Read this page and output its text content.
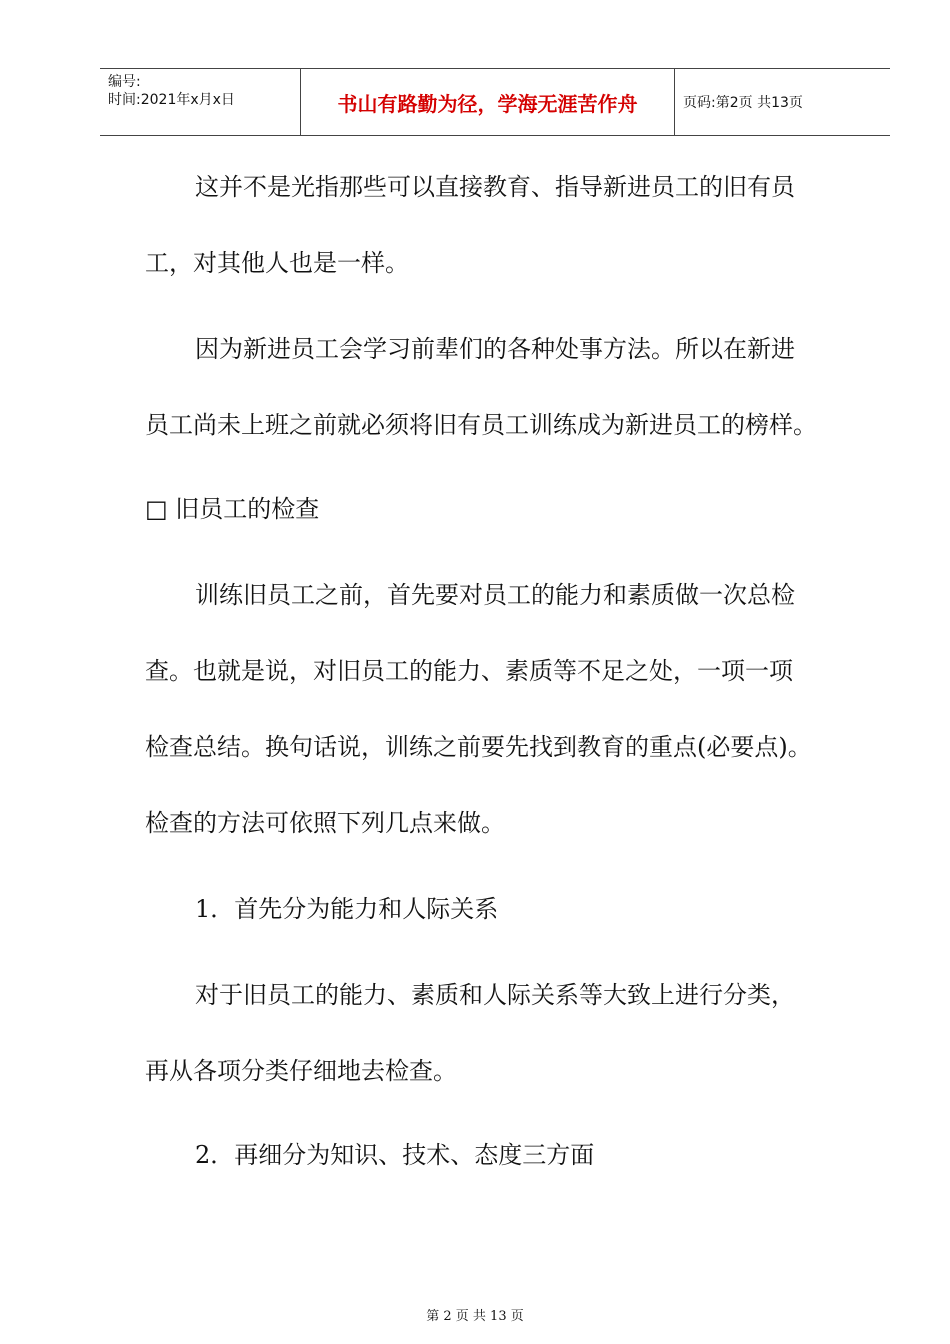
编号:
时间:2021年x月x日	书山有路勤为径，学海无涯苦作舟	页码:第2页 共13页

这并不是光指那些可以直接教育、指导新进员工的旧有员

工，对其他人也是一样。

因为新进员工会学习前辈们的各种处事方法。所以在新进

员工尚未上班之前就必须将旧有员工训练成为新进员工的榜样。

□ 旧员工的检查

训练旧员工之前，首先要对员工的能力和素质做一次总检

查。也就是说，对旧员工的能力、素质等不足之处，一项一项

检查总结。换句话说，训练之前要先找到教育的重点(必要点)。

检查的方法可依照下列几点来做。

1．首先分为能力和人际关系

对于旧员工的能力、素质和人际关系等大致上进行分类，

再从各项分类仔细地去检查。

2．再细分为知识、技术、态度三方面

第 2 页 共 13 页
